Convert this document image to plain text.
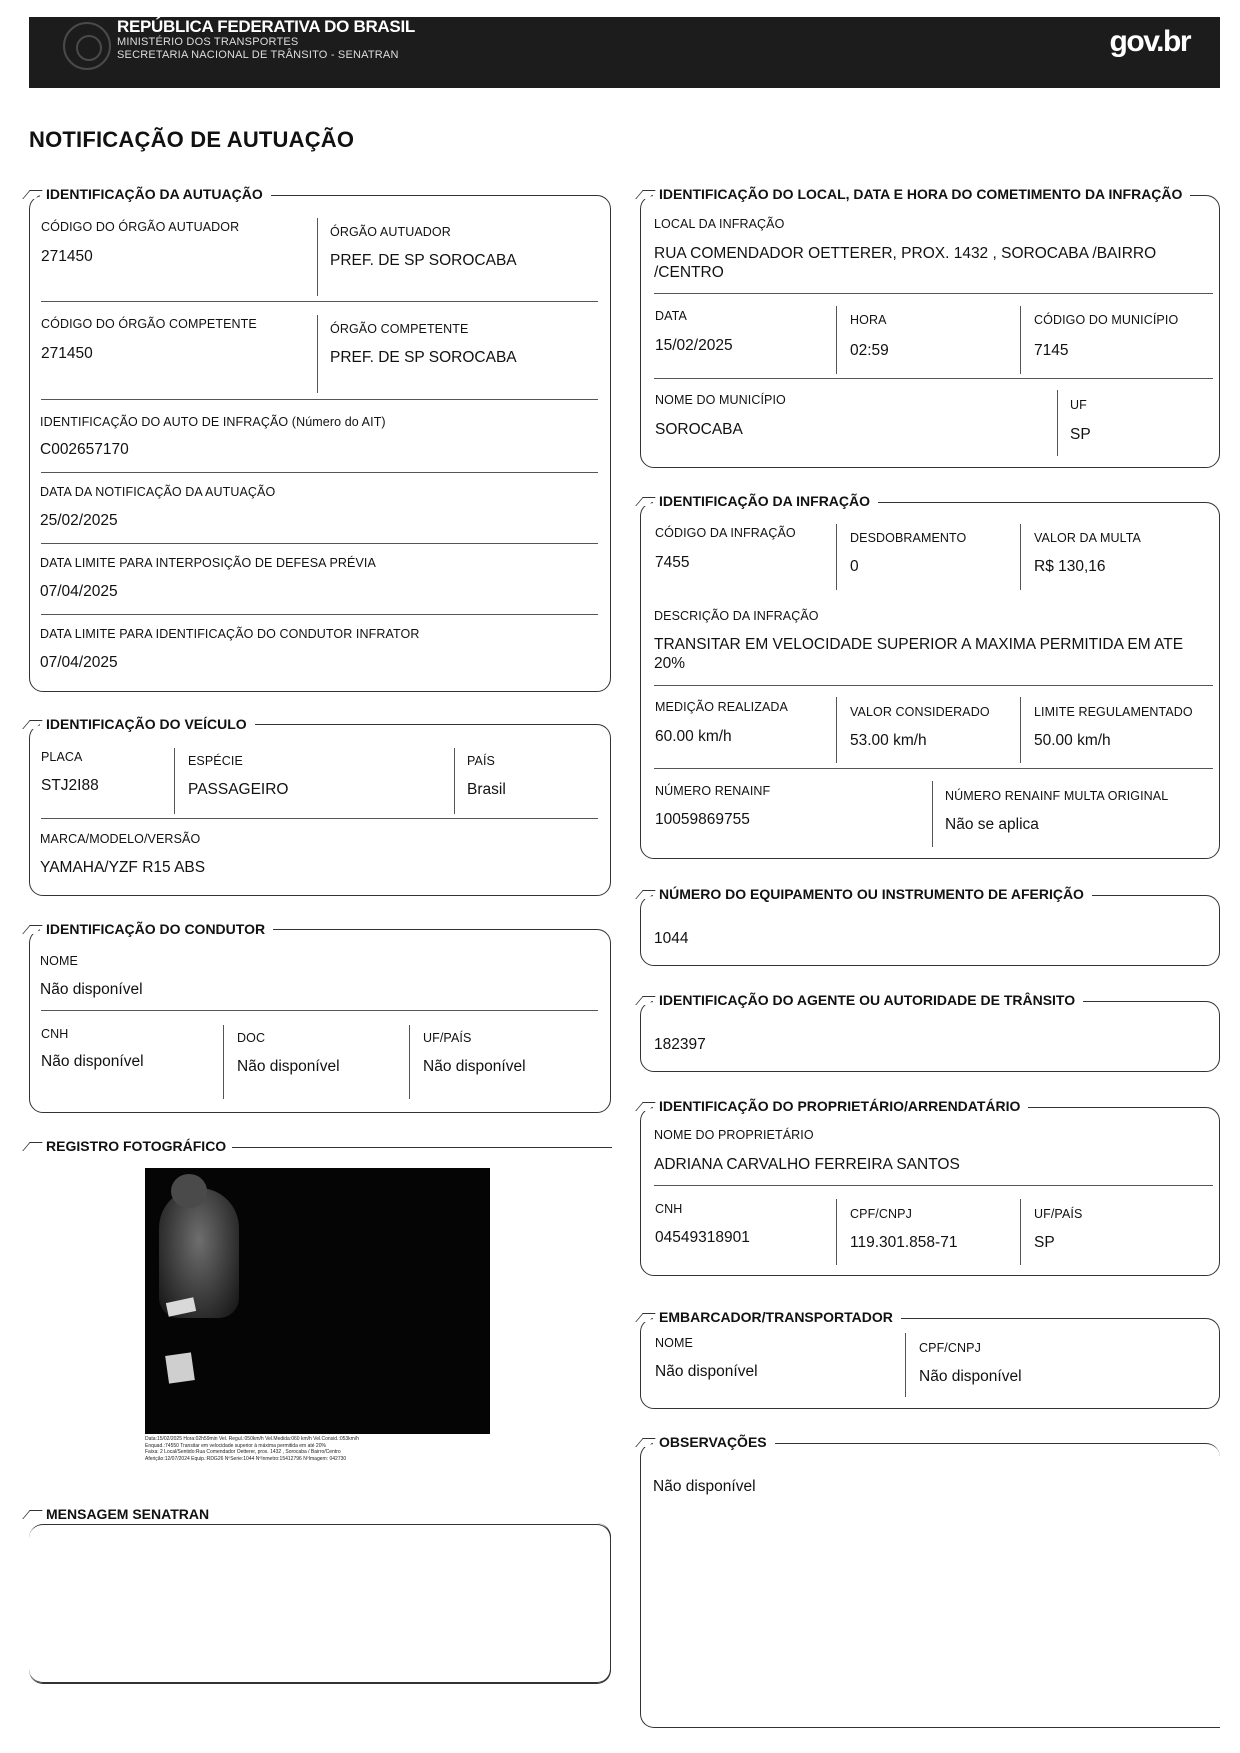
REPÚBLICA FEDERATIVA DO BRASIL
MINISTÉRIO DOS TRANSPORTES
SECRETARIA NACIONAL DE TRÂNSITO - SENATRAN	gov.br
NOTIFICAÇÃO DE AUTUAÇÃO
IDENTIFICAÇÃO DA AUTUAÇÃO
CÓDIGO DO ÓRGÃO AUTUADOR
271450
ÓRGÃO AUTUADOR
PREF. DE SP SOROCABA
CÓDIGO DO ÓRGÃO COMPETENTE
271450
ÓRGÃO COMPETENTE
PREF. DE SP SOROCABA
IDENTIFICAÇÃO DO AUTO DE INFRAÇÃO (Número do AIT)
C002657170
DATA DA NOTIFICAÇÃO DA AUTUAÇÃO
25/02/2025
DATA LIMITE PARA INTERPOSIÇÃO DE DEFESA PRÉVIA
07/04/2025
DATA LIMITE PARA IDENTIFICAÇÃO DO CONDUTOR INFRATOR
07/04/2025
IDENTIFICAÇÃO DO VEÍCULO
PLACA
STJ2I88
ESPÉCIE
PASSAGEIRO
PAÍS
Brasil
MARCA/MODELO/VERSÃO
YAMAHA/YZF R15 ABS
IDENTIFICAÇÃO DO CONDUTOR
NOME
Não disponível
CNH
Não disponível
DOC
Não disponível
UF/PAÍS
Não disponível
REGISTRO FOTOGRÁFICO
Data:15/02/2025 Hora:02h59min Vel. Regul.:050km/h Vel.Medida:060 km/h Vel.Consid.:053km/h
Enquad.:74550 Transitar em velocidade superior à máxima permitida em até 20%
Faixa: 2 Local/Sentido:Rua Comendador Oetterer, prox. 1432 , Sorocaba / Bairro/Centro
Aferição:12/07/2024 Equip.:RDG26 NºSerie:1044 NºInmetro:15412796 NºImagem: 042730
MENSAGEM SENATRAN
IDENTIFICAÇÃO DO LOCAL, DATA E HORA DO COMETIMENTO DA INFRAÇÃO
LOCAL DA INFRAÇÃO
RUA COMENDADOR OETTERER, PROX. 1432 , SOROCABA /BAIRRO
/CENTRO
DATA
15/02/2025
HORA
02:59
CÓDIGO DO MUNICÍPIO
7145
NOME DO MUNICÍPIO
SOROCABA
UF
SP
IDENTIFICAÇÃO DA INFRAÇÃO
CÓDIGO DA INFRAÇÃO
7455
DESDOBRAMENTO
0
VALOR DA MULTA
R$ 130,16
DESCRIÇÃO DA INFRAÇÃO
TRANSITAR EM VELOCIDADE SUPERIOR A MAXIMA PERMITIDA EM ATE
20%
MEDIÇÃO REALIZADA
60.00 km/h
VALOR CONSIDERADO
53.00 km/h
LIMITE REGULAMENTADO
50.00 km/h
NÚMERO RENAINF
10059869755
NÚMERO RENAINF MULTA ORIGINAL
Não se aplica
NÚMERO DO EQUIPAMENTO OU INSTRUMENTO DE AFERIÇÃO
1044
IDENTIFICAÇÃO DO AGENTE OU AUTORIDADE DE TRÂNSITO
182397
IDENTIFICAÇÃO DO PROPRIETÁRIO/ARRENDATÁRIO
NOME DO PROPRIETÁRIO
ADRIANA CARVALHO FERREIRA SANTOS
CNH
04549318901
CPF/CNPJ
119.301.858-71
UF/PAÍS
SP
EMBARCADOR/TRANSPORTADOR
NOME
Não disponível
CPF/CNPJ
Não disponível
OBSERVAÇÕES
Não disponível
